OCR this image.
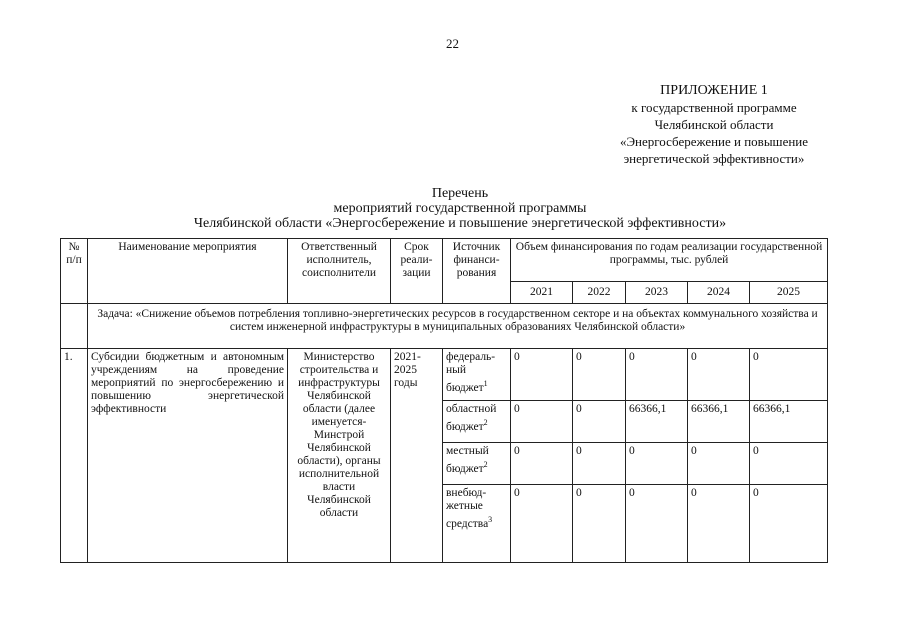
22
ПРИЛОЖЕНИЕ 1
к государственной программе
Челябинской области
«Энергосбережение и повышение
энергетической эффективности»
Перечень
мероприятий государственной программы
Челябинской области «Энергосбережение и повышение энергетической эффективности»
№ п/п	Наименование мероприятия	Ответственный исполнитель, соисполнители	Срок реали-зации	Источник финанси-рования	Объем финансирования по годам реализации государственной программы, тыс. рублей				
					2021	2022	2023	2024	2025
	Задача: «Снижение объемов потребления топливно-энергетических ресурсов в государственном секторе и на объектах коммунального хозяйства и систем инженерной инфраструктуры в муниципальных образованиях Челябинской области»								
1.	Субсидии бюджетным и автономным учреждениям на проведение мероприятий по энергосбережению и повышению энергетической эффективности	Министерство строительства и инфраструктуры Челябинской области (далее именуется-Минстрой Челябинской области), органы исполнительной власти Челябинской области	2021-2025 годы	федераль-ный бюджет$^1$	0	0	0	0	0
				областной бюджет$^2$	0	0	66366,1	66366,1	66366,1
				местный бюджет$^2$	0	0	0	0	0
				внебюд-жетные средства$^3$	0	0	0	0	0
